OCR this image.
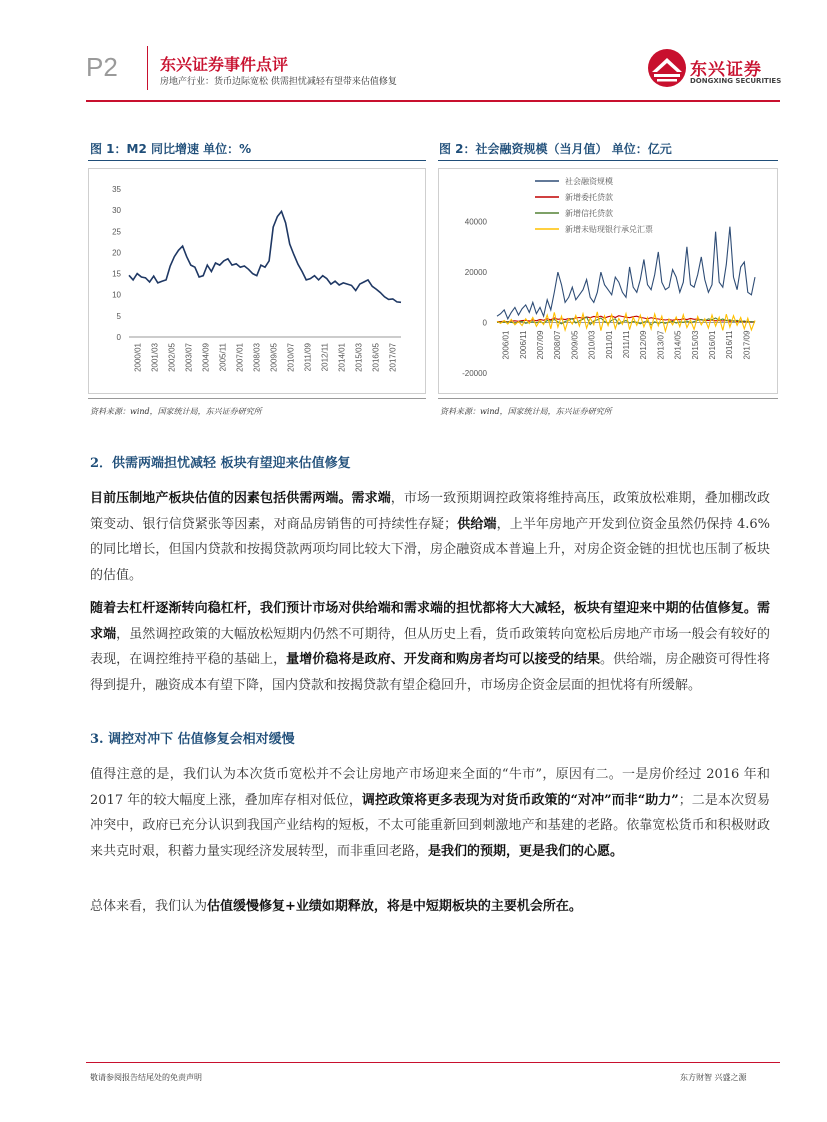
P2	东兴证券事件点评
房地产行业：货币边际宽松 供需担忧减轻有望带来估值修复
东兴证券
DONGXING SECURITIES
图 1：M2 同比增速 单位：%
0
5
10
15
20
25
30
35
2000/01 2001/03 2002/05 2003/07 2004/09 2005/11 2007/01 2008/03 2009/05 2010/07 2011/09 2012/11 2014/01 2015/03 2016/05 2017/07
资料来源：wind，国家统计局，东兴证券研究所
图 2：社会融资规模（当月值） 单位：亿元
-20000
0
20000
40000
2006/01 2006/11 2007/09 2008/07 2009/05 2010/03 2011/01 2011/11 2012/09 2013/07 2014/05 2015/03 2016/01 2016/11 2017/09
社会融资规模
新增委托贷款
新增信托贷款
新增未贴现银行承兑汇票
资料来源：wind，国家统计局，东兴证券研究所
2．供需两端担忧减轻 板块有望迎来估值修复
目前压制地产板块估值的因素包括供需两端。需求端，市场一致预期调控政策将维持高压，政策放松难期，叠加棚改政策变动、银行信贷紧张等因素，对商品房销售的可持续性存疑；供给端，上半年房地产开发到位资金虽然仍保持 4.6%的同比增长，但国内贷款和按揭贷款两项均同比较大下滑，房企融资成本普遍上升，对房企资金链的担忧也压制了板块的估值。
随着去杠杆逐渐转向稳杠杆，我们预计市场对供给端和需求端的担忧都将大大减轻，板块有望迎来中期的估值修复。需求端，虽然调控政策的大幅放松短期内仍然不可期待，但从历史上看，货币政策转向宽松后房地产市场一般会有较好的表现，在调控维持平稳的基础上，量增价稳将是政府、开发商和购房者均可以接受的结果。供给端，房企融资可得性将得到提升，融资成本有望下降，国内贷款和按揭贷款有望企稳回升，市场房企资金层面的担忧将有所缓解。
3. 调控对冲下 估值修复会相对缓慢
值得注意的是，我们认为本次货币宽松并不会让房地产市场迎来全面的“牛市”，原因有二。一是房价经过 2016 年和 2017 年的较大幅度上涨，叠加库存相对低位，调控政策将更多表现为对货币政策的“对冲”而非“助力”；二是本次贸易冲突中，政府已充分认识到我国产业结构的短板，不太可能重新回到刺激地产和基建的老路。依靠宽松货币和积极财政来共克时艰，积蓄力量实现经济发展转型，而非重回老路，是我们的预期，更是我们的心愿。
总体来看，我们认为估值缓慢修复+业绩如期释放，将是中短期板块的主要机会所在。
敬请参阅报告结尾处的免责声明	东方财智 兴盛之源
